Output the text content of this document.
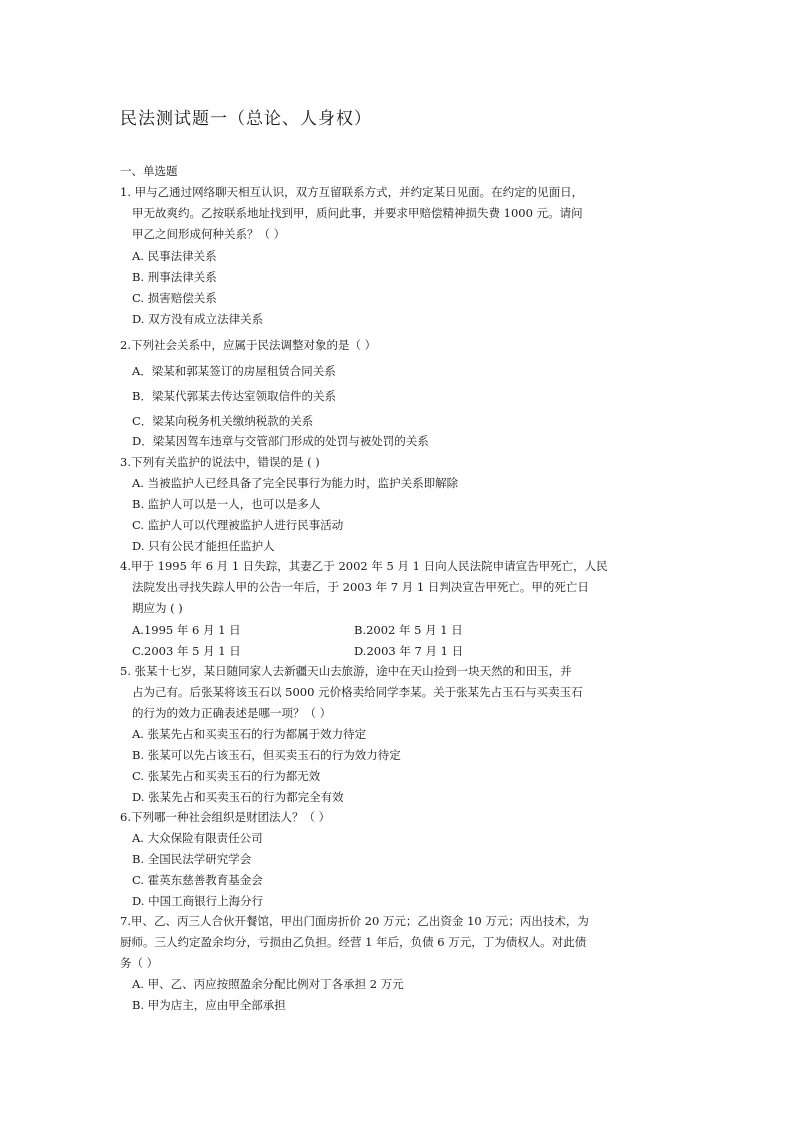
民法测试题一（总论、人身权）
一、单选题
1. 甲与乙通过网络聊天相互认识，双方互留联系方式，并约定某日见面。在约定的见面日，
甲无故爽约。乙按联系地址找到甲，质问此事，并要求甲赔偿精神损失费 1000 元。请问
甲乙之间形成何种关系？（ ）
A. 民事法律关系
B. 刑事法律关系
C. 损害赔偿关系
D. 双方没有成立法律关系
2.下列社会关系中，应属于民法调整对象的是（ ）
A．梁某和郭某签订的房屋租赁合同关系
B．梁某代郭某去传达室领取信件的关系
C．梁某向税务机关缴纳税款的关系
D．梁某因驾车违章与交管部门形成的处罚与被处罚的关系
3.下列有关监护的说法中，错误的是 ( )
A. 当被监护人已经具备了完全民事行为能力时，监护关系即解除
B. 监护人可以是一人，也可以是多人
C. 监护人可以代理被监护人进行民事活动
D. 只有公民才能担任监护人
4.甲于 1995 年 6 月 1 日失踪，其妻乙于 2002 年 5 月 1 日向人民法院申请宣告甲死亡，人民
法院发出寻找失踪人甲的公告一年后，于 2003 年 7 月 1 日判决宣告甲死亡。甲的死亡日
期应为 ( )
A.1995 年 6 月 1 日	B.2002 年 5 月 1 日
C.2003 年 5 月 1 日	D.2003 年 7 月 1 日
5. 张某十七岁，某日随同家人去新疆天山去旅游，途中在天山捡到一块天然的和田玉，并
占为己有。后张某将该玉石以 5000 元价格卖给同学李某。关于张某先占玉石与买卖玉石
的行为的效力正确表述是哪一项？（ ）
A. 张某先占和买卖玉石的行为都属于效力待定
B. 张某可以先占该玉石，但买卖玉石的行为效力待定
C. 张某先占和买卖玉石的行为都无效
D. 张某先占和买卖玉石的行为都完全有效
6.下列哪一种社会组织是财团法人？（ ）
A. 大众保险有限责任公司
B. 全国民法学研究学会
C. 霍英东慈善教育基金会
D. 中国工商银行上海分行
7.甲、乙、丙三人合伙开餐馆，甲出门面房折价 20 万元；乙出资金 10 万元；丙出技术，为
厨师。三人约定盈余均分，亏损由乙负担。经营 1 年后，负债 6 万元，丁为债权人。对此债
务（ ）
A. 甲、乙、丙应按照盈余分配比例对丁各承担 2 万元
B. 甲为店主，应由甲全部承担
